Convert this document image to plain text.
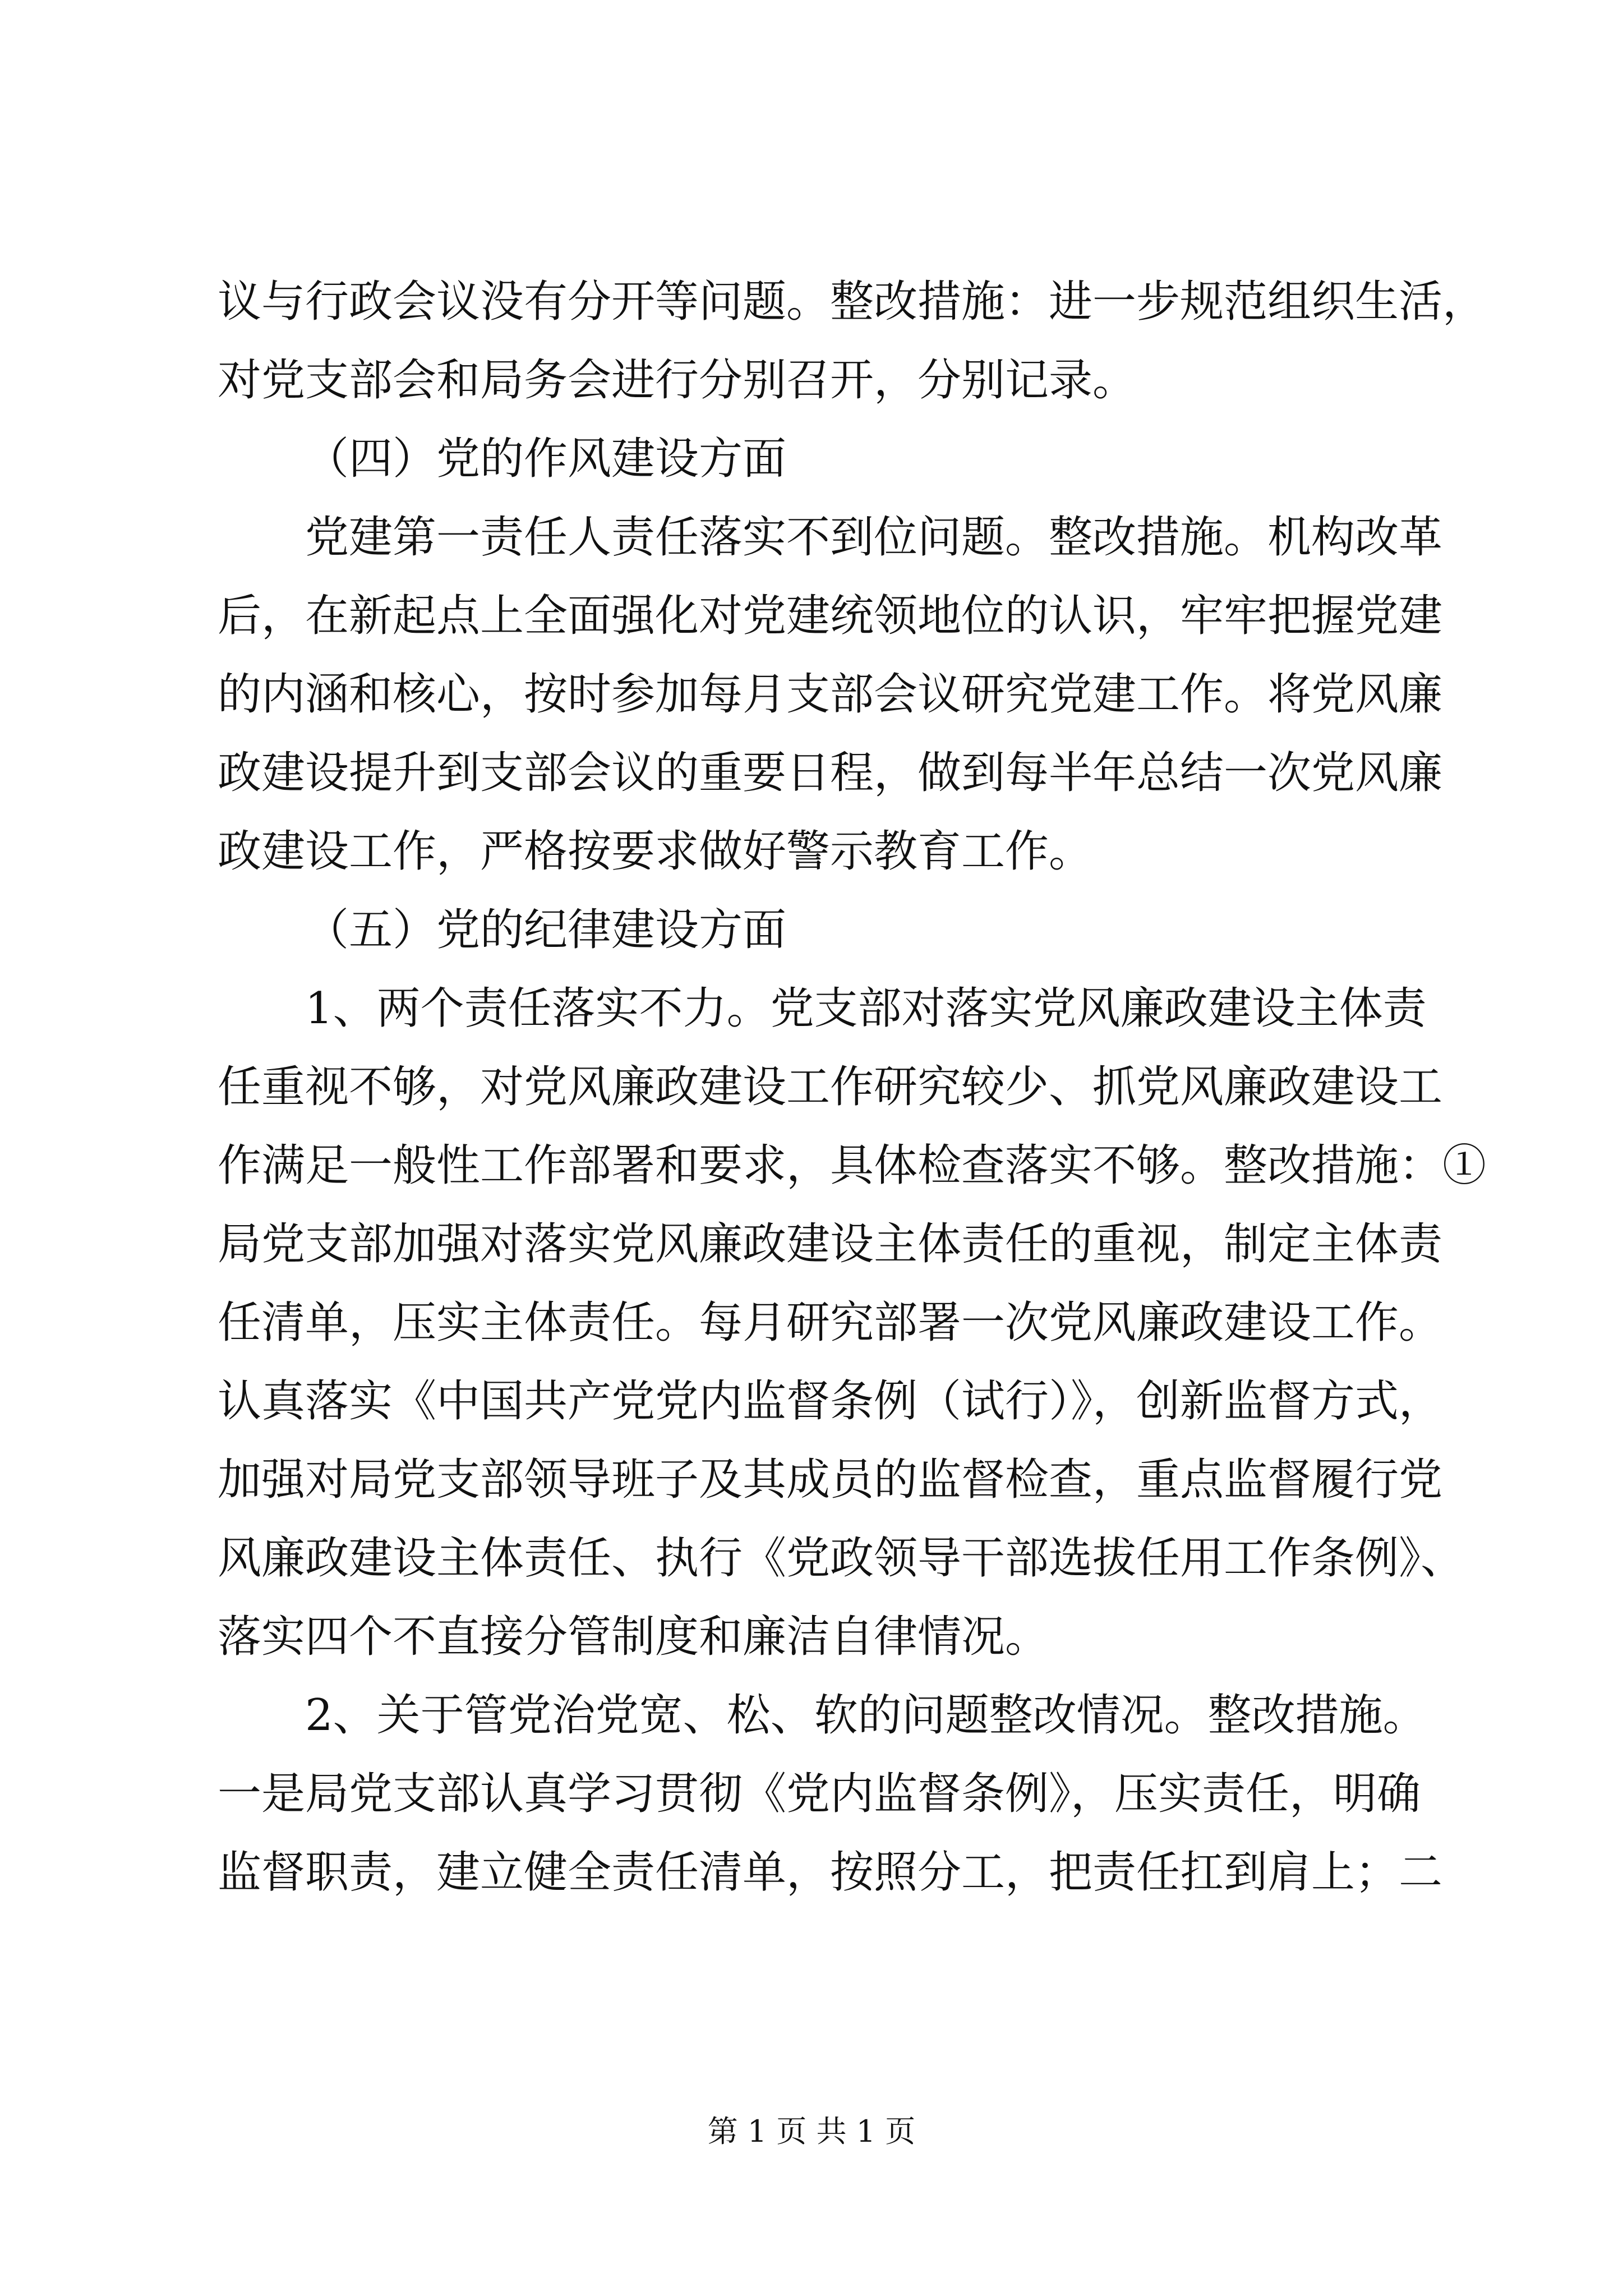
议与行政会议没有分开等问题。整改措施：进一步规范组织生活，
对党支部会和局务会进行分别召开，分别记录。
（四）党的作风建设方面
党建第一责任人责任落实不到位问题。整改措施。机构改革
后，在新起点上全面强化对党建统领地位的认识，牢牢把握党建
的内涵和核心，按时参加每月支部会议研究党建工作。将党风廉
政建设提升到支部会议的重要日程，做到每半年总结一次党风廉
政建设工作，严格按要求做好警示教育工作。
（五）党的纪律建设方面
1、两个责任落实不力。党支部对落实党风廉政建设主体责
任重视不够，对党风廉政建设工作研究较少、抓党风廉政建设工
作满足一般性工作部署和要求，具体检查落实不够。整改措施：①
局党支部加强对落实党风廉政建设主体责任的重视，制定主体责
任清单，压实主体责任。每月研究部署一次党风廉政建设工作。
认真落实《中国共产党党内监督条例（试行）》，创新监督方式，
加强对局党支部领导班子及其成员的监督检查，重点监督履行党
风廉政建设主体责任、执行《党政领导干部选拔任用工作条例》、
落实四个不直接分管制度和廉洁自律情况。
2、关于管党治党宽、松、软的问题整改情况。整改措施。
一是局党支部认真学习贯彻《党内监督条例》，压实责任，明确
监督职责，建立健全责任清单，按照分工，把责任扛到肩上；二
第 1 页 共 1 页
